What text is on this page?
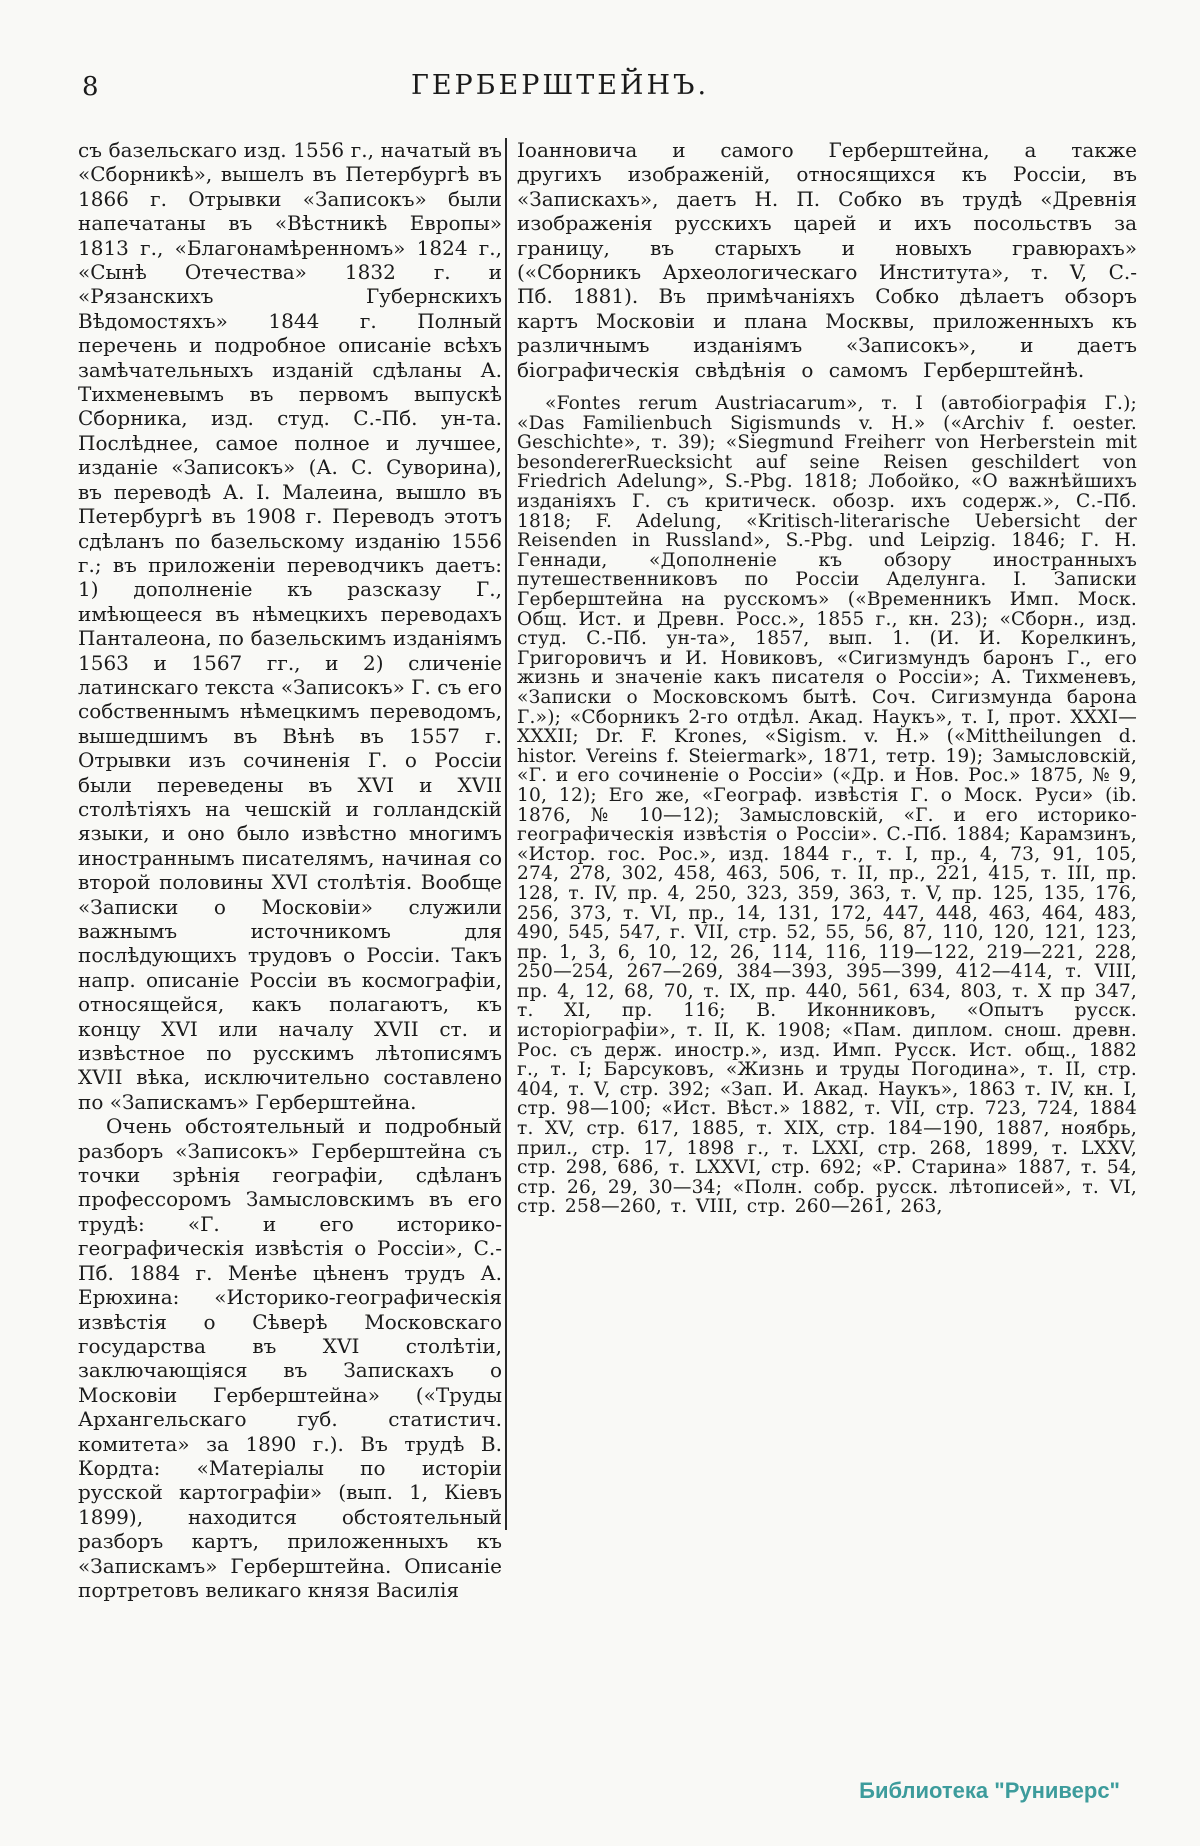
8	ГЕРБЕРШТЕЙНЪ.

съ базельскаго изд. 1556 г., начатый въ «Сборникѣ», вышелъ въ Петербургѣ въ 1866 г. Отрывки «Записокъ» были напечатаны въ «Вѣстникѣ Европы» 1813 г., «Благонамѣренномъ» 1824 г., «Сынѣ Отечества» 1832 г. и «Рязанскихъ Губернскихъ Вѣдомостяхъ» 1844 г. Полный перечень и подробное описаніе всѣхъ замѣчательныхъ изданій сдѣланы А. Тихменевымъ въ первомъ выпускѣ Сборника, изд. студ. С.-Пб. ун-та. Послѣднее, самое полное и лучшее, изданіе «Записокъ» (А. С. Суворина), въ переводѣ А. І. Малеина, вышло въ Петербургѣ въ 1908 г. Переводъ этотъ сдѣланъ по базельскому изданію 1556 г.; въ приложеніи переводчикъ даетъ: 1) дополненіе къ разсказу Г., имѣющееся въ нѣмецкихъ переводахъ Панталеона, по базельскимъ изданіямъ 1563 и 1567 гг., и 2) сличеніе латинскаго текста «Записокъ» Г. съ его собственнымъ нѣмецкимъ переводомъ, вышедшимъ въ Вѣнѣ въ 1557 г. Отрывки изъ сочиненія Г. о Россіи были переведены въ XVI и XVII столѣтіяхъ на чешскій и голландскій языки, и оно было извѣстно многимъ иностраннымъ писателямъ, начиная со второй половины XVI столѣтія. Вообще «Записки о Московіи» служили важнымъ источникомъ для послѣдующихъ трудовъ о Россіи. Такъ напр. описаніе Россіи въ космографіи, относящейся, какъ полагаютъ, къ концу XVI или началу XVII ст. и извѣстное по русскимъ лѣтописямъ XVII вѣка, исключительно составлено по «Запискамъ» Герберштейна.

Очень обстоятельный и подробный разборъ «Записокъ» Герберштейна съ точки зрѣнія географіи, сдѣланъ профессоромъ Замысловскимъ въ его трудѣ: «Г. и его историко-географическія извѣстія о Россіи», С.-Пб. 1884 г. Менѣе цѣненъ трудъ А. Ерюхина: «Историко-географическія извѣстія о Сѣверѣ Московскаго государства въ XVI столѣтіи, заключающіяся въ Запискахъ о Московіи Герберштейна» («Труды Архангельскаго губ. статистич. комитета» за 1890 г.). Въ трудѣ В. Кордта: «Матеріалы по исторіи русской картографіи» (вып. 1, Кіевъ 1899), находится обстоятельный разборъ картъ, приложенныхъ къ «Запискамъ» Герберштейна. Описаніе портретовъ великаго князя Василія

Іоанновича и самого Герберштейна, а также другихъ изображеній, относящихся къ Россіи, въ «Запискахъ», даетъ Н. П. Собко въ трудѣ «Древнія изображенія русскихъ царей и ихъ посольствъ за границу, въ старыхъ и новыхъ гравюрахъ» («Сборникъ Археологическаго Института», т. V, С.-Пб. 1881). Въ примѣчаніяхъ Собко дѣлаетъ обзоръ картъ Московіи и плана Москвы, приложенныхъ къ различнымъ изданіямъ «Записокъ», и даетъ біографическія свѣдѣнія о самомъ Герберштейнѣ.

«Fontes rerum Austriacarum», т. I (автобіографія Г.); «Das Familienbuch Sigismunds v. H.» («Archiv f. oester. Geschichte», т. 39); «Siegmund Freiherr von Herberstein mit besondererRuecksicht auf seine Reisen geschildert von Friedrich Adelung», S.-Pbg. 1818; Лобойко, «О важнѣйшихъ изданіяхъ Г. съ критическ. обозр. ихъ содерж.», С.-Пб. 1818; F. Adelung, «Kritisch-literarische Uebersicht der Reisenden in Russland», S.-Pbg. und Leipzig. 1846; Г. Н. Геннади, «Дополненіе къ обзору иностранныхъ путешественниковъ по Россіи Аделунга. I. Записки Герберштейна на русскомъ» («Временникъ Имп. Моск. Общ. Ист. и Древн. Росс.», 1855 г., кн. 23); «Сборн., изд. студ. С.-Пб. ун-та», 1857, вып. 1. (И. И. Корелкинъ, Григоровичъ и И. Новиковъ, «Сигизмундъ баронъ Г., его жизнь и значеніе какъ писателя о Россіи»; А. Тихменевъ, «Записки о Московскомъ бытѣ. Соч. Сигизмунда барона Г.»); «Сборникъ 2-го отдѣл. Акад. Наукъ», т. I, прот. XXXI—XXXII; Dr. F. Krones, «Sigism. v. H.» («Mittheilungen d. histor. Vereins f. Steiermark», 1871, тетр. 19); Замысловскій, «Г. и его сочиненіе о Россіи» («Др. и Нов. Рос.» 1875, № 9, 10, 12); Его же, «Географ. извѣстія Г. о Моск. Руси» (ib. 1876, № 10—12); Замысловскій, «Г. и его историко-географическія извѣстія о Россіи». С.-Пб. 1884; Карамзинъ, «Истор. гос. Рос.», изд. 1844 г., т. I, пр., 4, 73, 91, 105, 274, 278, 302, 458, 463, 506, т. II, пр., 221, 415, т. III, пр. 128, т. IV, пр. 4, 250, 323, 359, 363, т. V, пр. 125, 135, 176, 256, 373, т. VI, пр., 14, 131, 172, 447, 448, 463, 464, 483, 490, 545, 547, г. VII, стр. 52, 55, 56, 87, 110, 120, 121, 123, пр. 1, 3, 6, 10, 12, 26, 114, 116, 119—122, 219—221, 228, 250—254, 267—269, 384—393, 395—399, 412—414, т. VIII, пр. 4, 12, 68, 70, т. IX, пр. 440, 561, 634, 803, т. X пр 347, т. XI, пр. 116; В. Иконниковъ, «Опытъ русск. исторіографіи», т. II, К. 1908; «Пам. диплом. снош. древн. Рос. съ держ. иностр.», изд. Имп. Русск. Ист. общ., 1882 г., т. I; Барсуковъ, «Жизнь и труды Погодина», т. II, стр. 404, т. V, стр. 392; «Зап. И. Акад. Наукъ», 1863 т. IV, кн. I, стр. 98—100; «Ист. Вѣст.» 1882, т. VII, стр. 723, 724, 1884 т. XV, стр. 617, 1885, т. XIX, стр. 184—190, 1887, ноябрь, прил., стр. 17, 1898 г., т. LXXI, стр. 268, 1899, т. LXXV, стр. 298, 686, т. LXXVI, стр. 692; «Р. Старина» 1887, т. 54, стр. 26, 29, 30—34; «Полн. собр. русск. лѣтописей», т. VI, стр. 258—260, т. VIII, стр. 260—261, 263,

Библиотека "Руниверс"
